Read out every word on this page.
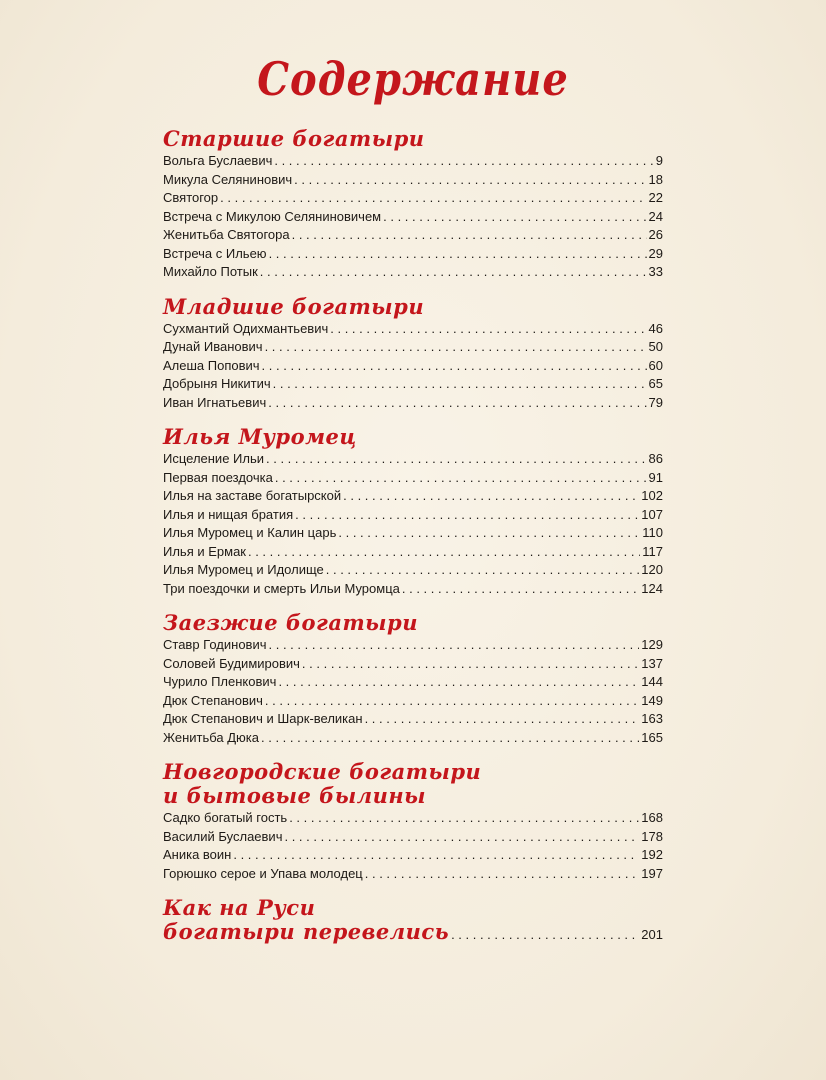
Содержание
Старшие богатыри
Вольга Буслаевич . . .	9
Микула Селянинович . . .	18
Святогор . . .	22
Встреча с Микулою Селяниновичем . . .	24
Женитьба Святогора . . .	26
Встреча с Ильею . . .	29
Михайло Потык . . .	33
Младшие богатыри
Сухмантий Одихмантьевич . . .	46
Дунай Иванович . . .	50
Алеша Попович . . .	60
Добрыня Никитич . . .	65
Иван Игнатьевич . . .	79
Илья Муромец
Исцеление Ильи . . .	86
Первая поездочка . . .	91
Илья на заставе богатырской . . .	102
Илья и нищая братия . . .	107
Илья Муромец и Калин царь . . .	110
Илья и Ермак . . .	117
Илья Муромец и Идолище . . .	120
Три поездочки и смерть Ильи Муромца . . .	124
Заезжие богатыри
Ставр Годинович . . .	129
Соловей Будимирович . . .	137
Чурило Пленкович . . .	144
Дюк Степанович . . .	149
Дюк Степанович и Шарк-великан . . .	163
Женитьба Дюка . . .	165
Новгородские богатыри
и бытовые былины
Садко богатый гость . . .	168
Василий Буслаевич . . .	178
Аника воин . . .	192
Горюшко серое и Упава молодец . . .	197
Как на Руси
богатыри перевелись . . .	201
